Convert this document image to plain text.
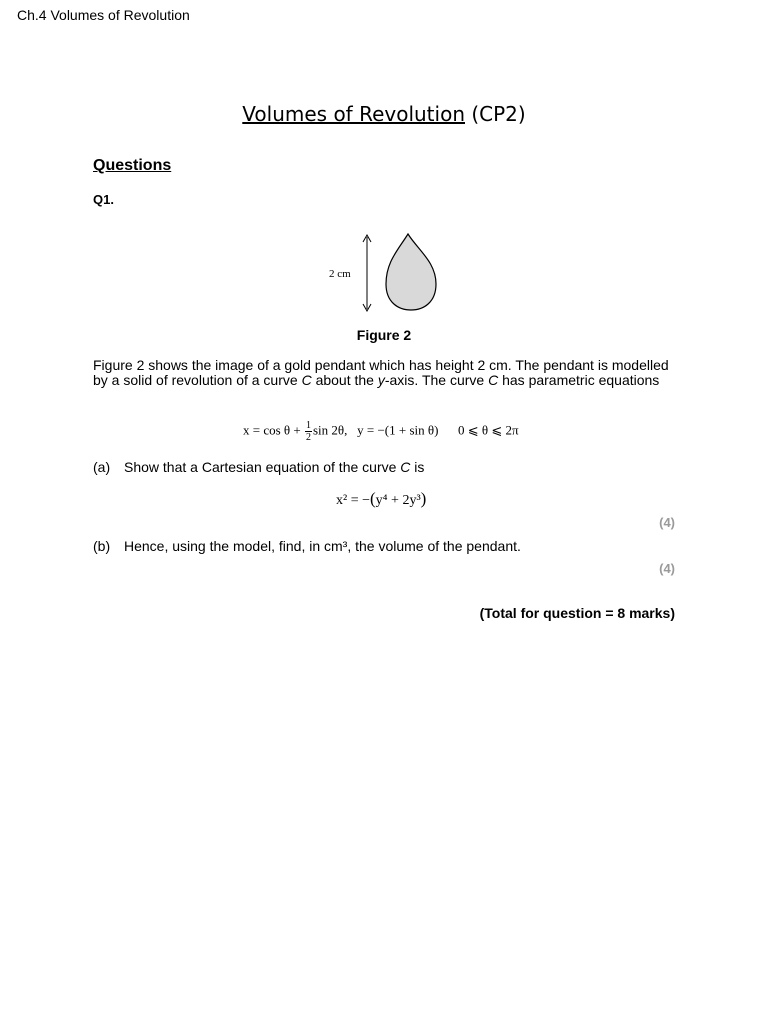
Ch.4 Volumes of Revolution
Volumes of Revolution (CP2)
Questions
Q1.
2 cm
Figure 2
Figure 2 shows the image of a gold pendant which has height 2 cm. The pendant is modelled by a solid of revolution of a curve C about the y-axis. The curve C has parametric equations
$x = \cos \theta + \frac{1}{2}$ sin 2θ, y = −(1 + sin θ) 0 ⩽ θ ⩽ 2π
(a) Show that a Cartesian equation of the curve C is
x² = −(y⁴ + 2y³)
(4)
(b) Hence, using the model, find, in cm³, the volume of the pendant.
(4)
(Total for question = 8 marks)
